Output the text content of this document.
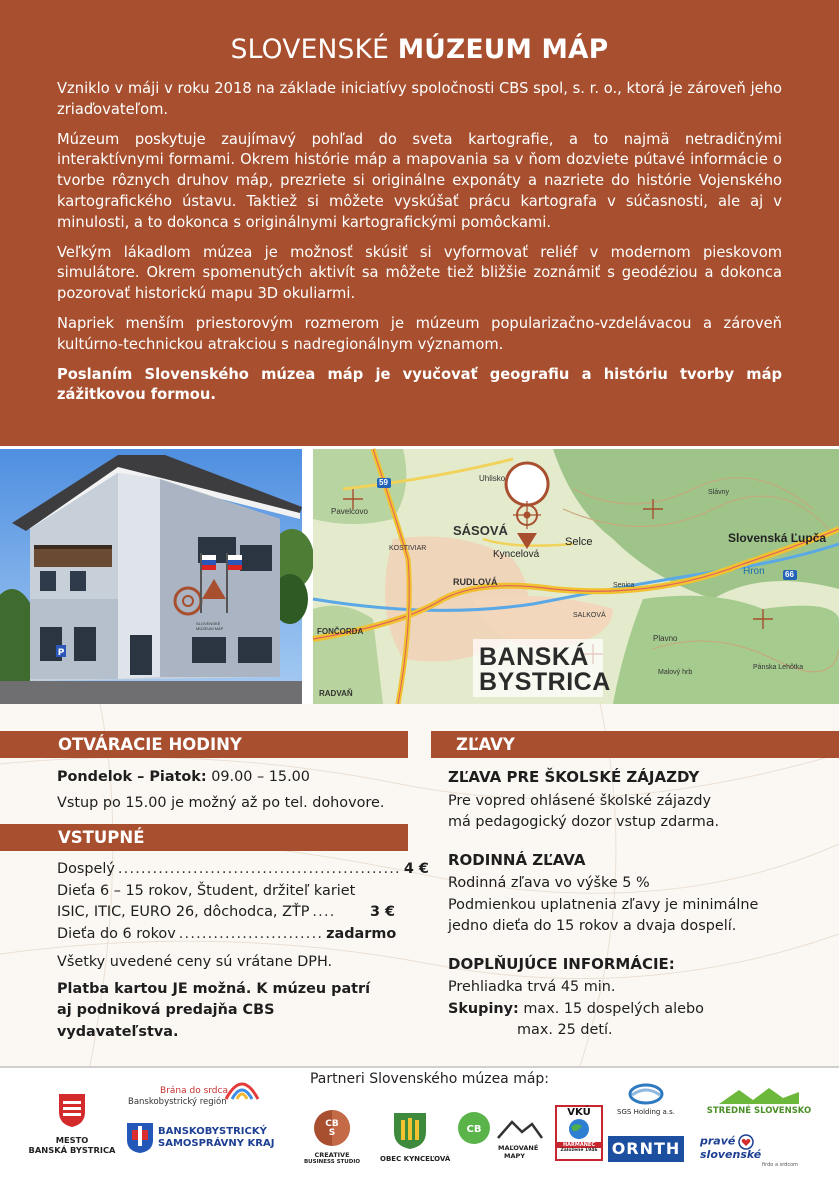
SLOVENSKÉ MÚZEUM MÁP

Vzniklo v máji v roku 2018 na základe iniciatívy spoločnosti CBS spol, s. r. o., ktorá je zároveň jeho zriaďovateľom.

Múzeum poskytuje zaujímavý pohľad do sveta kartografie, a to najmä netradičnými interaktívnymi formami. Okrem histórie máp a mapovania sa v ňom dozviete pútavé informácie o tvorbe rôznych druhov máp, prezriete si originálne exponáty a nazriete do histórie Vojenského kartografického ústavu. Taktiež si môžete vyskúšať prácu kartografa v súčasnosti, ale aj v minulosti, a to dokonca s originálnymi kartografickými pomôckami.

Veľkým lákadlom múzea je možnosť skúsiť si vyformovať reliéf v modernom pieskovom simulátore. Okrem spomenutých aktivít sa môžete tiež bližšie zoznámiť s geodéziou a dokonca pozorovať historickú mapu 3D okuliarmi.

Napriek menším priestorovým rozmerom je múzeum popularizačno-vzdelávacou a zároveň kultúrno-technickou atrakciou s nadregionálnym významom.

Poslaním Slovenského múzea máp je vyučovať geografiu a históriu tvorby máp zážitkovou formou.

P
SLOVENSKÉ MÚZEUM MÁP
59
66
SÁSOVÁ
RUDLOVÁ
Kyncelová
Selce	Slovenská Ľupča
Hron
Pavelcovo
Uhlisko
KOSTIVIAR
RADVAŇ
FONČORDA
Senica
Plavno
Pánska Lehôtka
Malový hrb
Slávny
SALKOVÁ
BANSKÁ
BYSTRICA
OTVÁRACIE HODINY
Pondelok – Piatok: 09.00 – 15.00
Vstup po 15.00 je možný až po tel. dohovore.
VSTUPNÉ
Dospelý ................................................. 4 €
Dieťa 6 – 15 rokov, Študent, držiteľ kariet
ISIC, ITIC, EURO 26, dôchodca, ZŤP ....	3 €
Dieťa do 6 rokov ......................... zadarmo
Všetky uvedené ceny sú vrátane DPH.
Platba kartou JE možná. K múzeu patrí aj podniková predajňa CBS vydavateľstva.
ZĽAVY
ZĽAVA PRE ŠKOLSKÉ ZÁJAZDY
Pre vopred ohlásené školské zájazdy
má pedagogický dozor vstup zdarma.
RODINNÁ ZĽAVA
Rodinná zľava vo výške 5 %
Podmienkou uplatnenia zľavy je minimálne
jedno dieťa do 15 rokov a dvaja dospelí.
DOPLŇUJÚCE INFORMÁCIE:
Prehliadka trvá 45 min.
Skupiny: max. 15 dospelých alebo
max. 25 detí.
Partneri Slovenského múzea máp:
MESTO
BANSKÁ BYSTRICA
Brána do srdca
Banskobystrický región
BANSKOBYSTRICKÝ
SAMOSPRÁVNY KRAJ
CB
S
CREATIVE
BUSINESS STUDIO	OBEC KYNCEĽOVÁ
CB
MAĽOVANÉ
MAPY
VKÚ
HARMANEC
Založené 1946
SGS Holding a.s.
ORNTH
STREDNÉ SLOVENSKO
pravé  slovenské
firdo a srdcom
